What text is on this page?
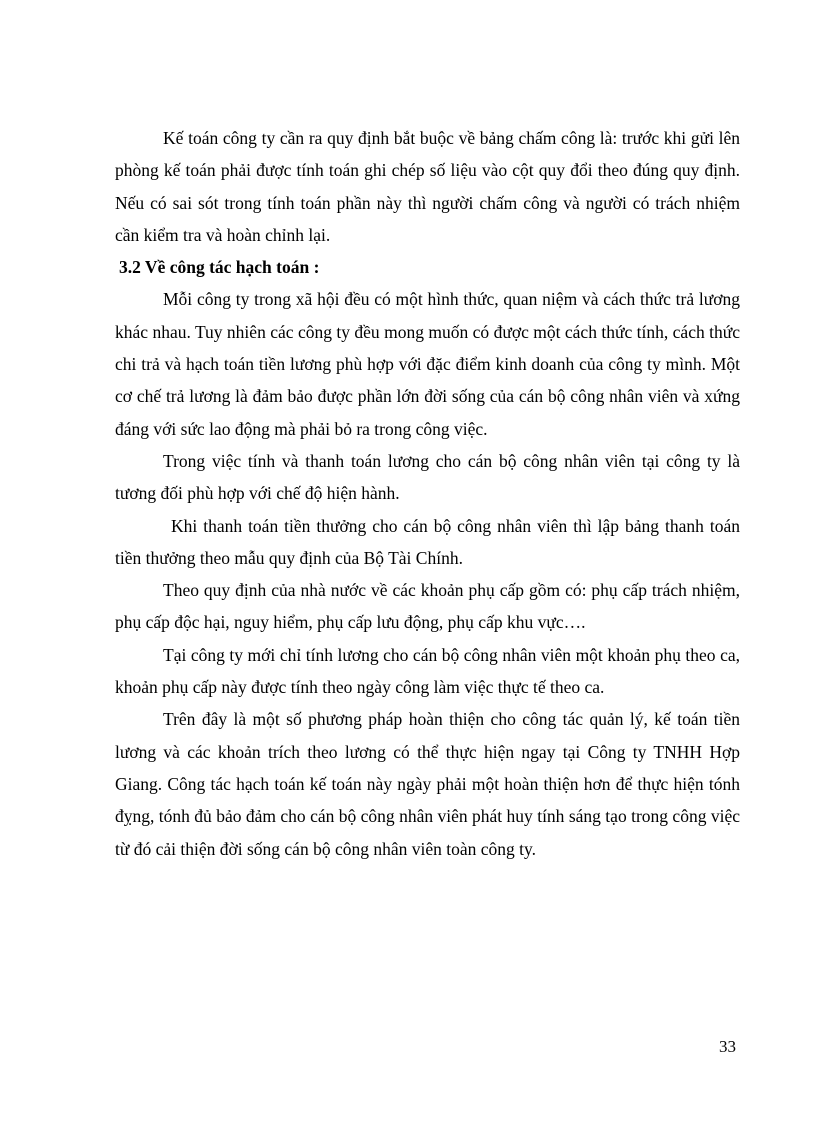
Kế toán công ty cần ra quy định bắt buộc về bảng chấm công là: trước khi gửi lên phòng kế toán phải được tính toán ghi chép số liệu vào cột quy đổi theo đúng quy định. Nếu có sai sót trong tính toán phần này thì người chấm công và người có trách nhiệm cần kiểm tra và hoàn chỉnh lại.

3.2 Về công tác hạch toán :

Mỗi công ty trong xã hội đều có một hình thức, quan niệm và cách thức trả lương khác nhau. Tuy nhiên các công ty đều mong muốn có được một cách thức tính, cách thức chi trả và hạch toán tiền lương phù hợp với đặc điểm kinh doanh của công ty mình. Một cơ chế trả lương là đảm bảo được phần lớn đời sống của cán bộ công nhân viên và xứng đáng với sức lao động mà phải bỏ ra trong công việc.

Trong việc tính và thanh toán lương cho cán bộ công nhân viên tại công ty là tương đối phù hợp với chế độ hiện hành.

Khi thanh toán tiền thưởng cho cán bộ công nhân viên thì lập bảng thanh toán tiền thưởng theo mẫu quy định của Bộ Tài Chính.

Theo quy định của nhà nước về các khoản phụ cấp gồm có: phụ cấp trách nhiệm, phụ cấp độc hại, nguy hiểm, phụ cấp lưu động, phụ cấp khu vực….

Tại công ty mới chỉ tính lương cho cán bộ công nhân viên một khoản phụ theo ca, khoản phụ cấp này được tính theo ngày công làm việc thực tế theo ca.

Trên đây là một số phương pháp hoàn thiện cho công tác quản lý, kế toán tiền lương và các khoản trích theo lương có thể thực hiện ngay tại Công ty TNHH Hợp Giang. Công tác hạch toán kế toán này ngày phải một hoàn thiện hơn để thực hiện tónh đỵng, tónh đủ bảo đảm cho cán bộ công nhân viên phát huy tính sáng tạo trong công việc từ đó cải thiện đời sống cán bộ công nhân viên toàn công ty.

33
